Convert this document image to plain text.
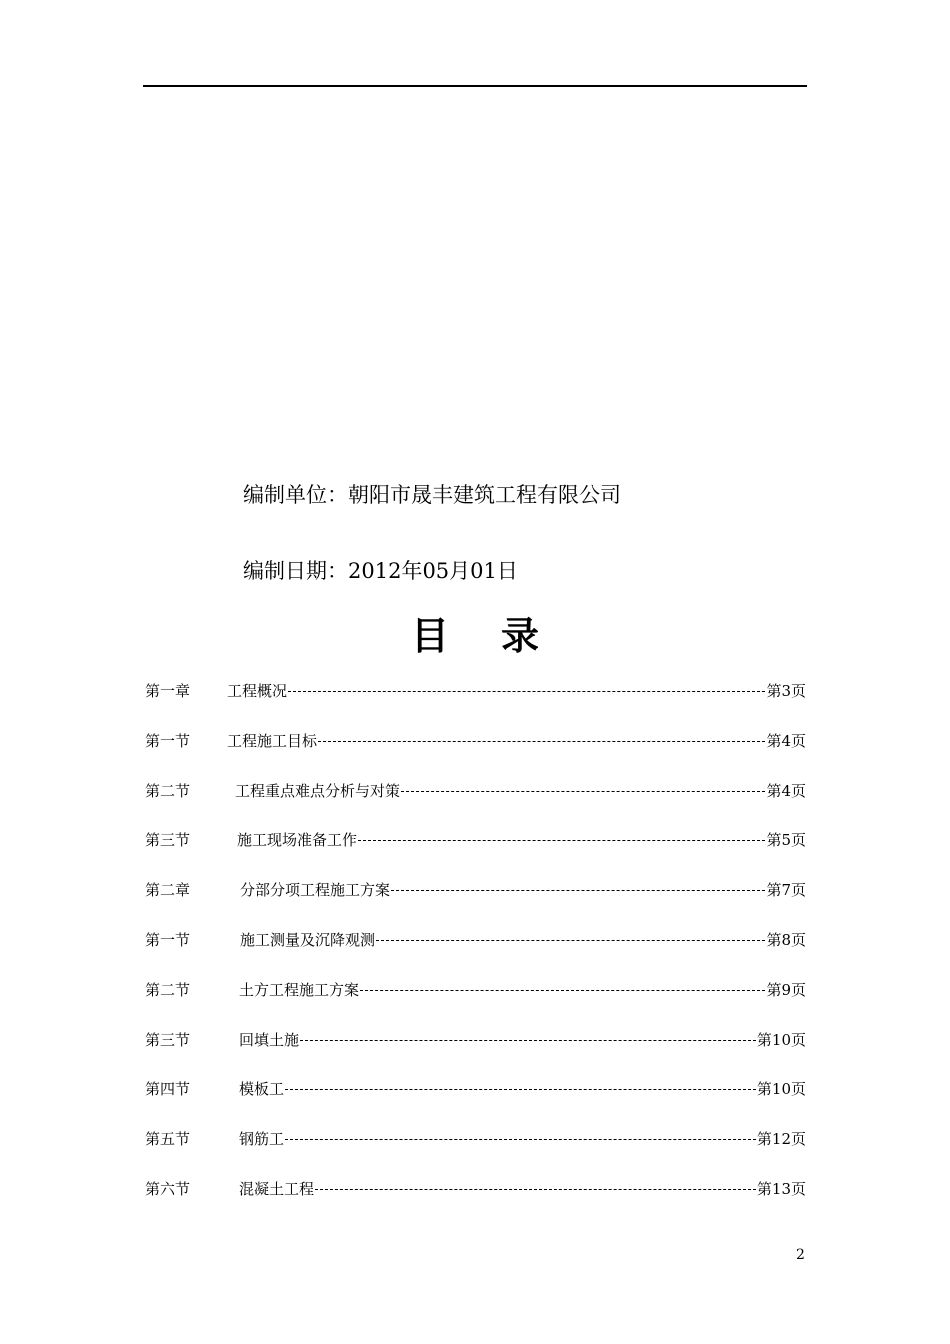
编制单位：朝阳市晟丰建筑工程有限公司
编制日期：2012年05月01日
目 录
第一章	工程概况	第3页
第一节	工程施工目标	第4页
第二节	工程重点难点分析与对策	第4页
第三节	施工现场准备工作	第5页
第二章	分部分项工程施工方案	第7页
第一节	施工测量及沉降观测	第8页
第二节	土方工程施工方案	第9页
第三节	回填土施	第10页
第四节	模板工	第10页
第五节	钢筋工	第12页
第六节	混凝土工程	第13页
2
